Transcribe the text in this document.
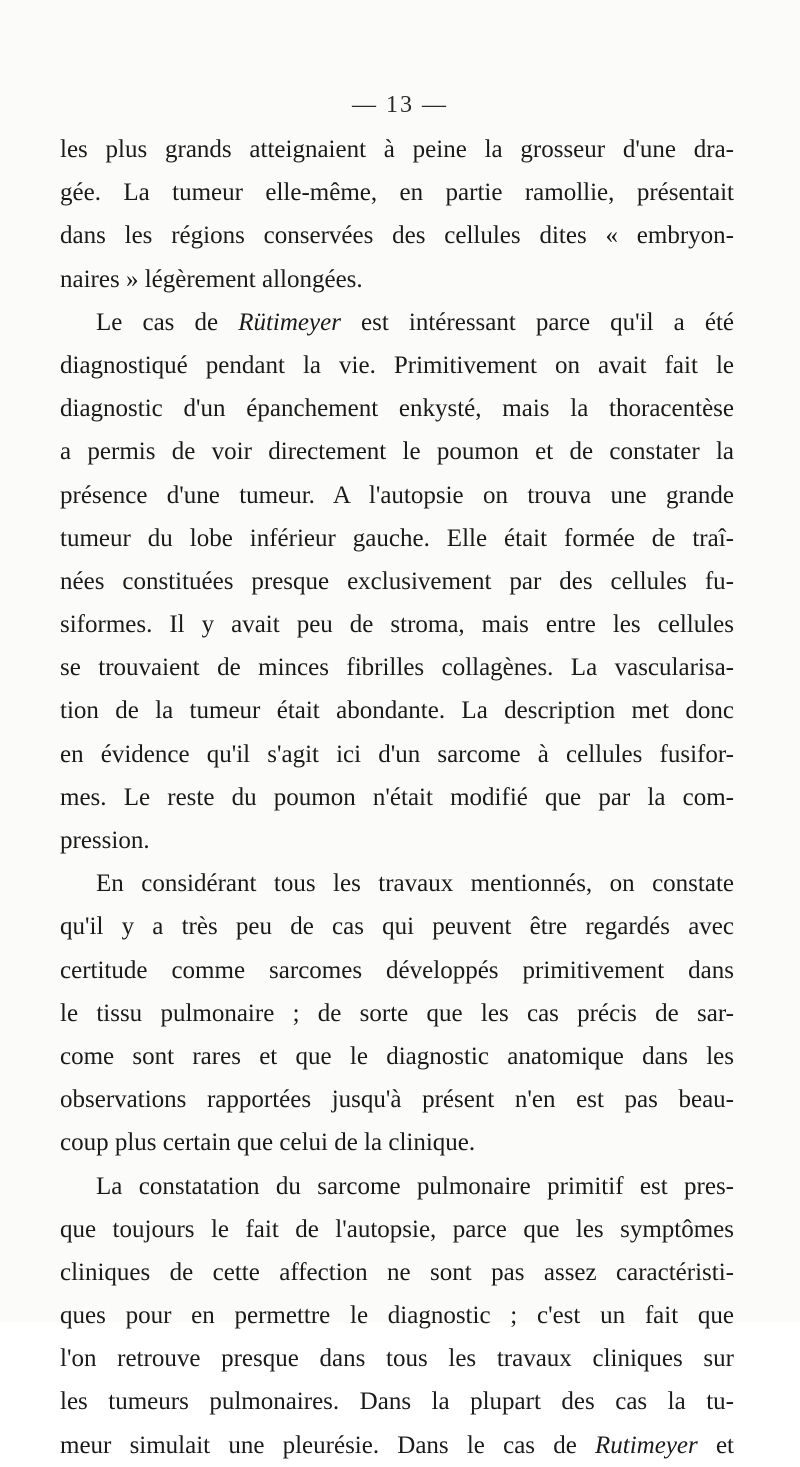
— 13 —
les plus grands atteignaient à peine la grosseur d'une dra-
gée. La tumeur elle-même, en partie ramollie, présentait
dans les régions conservées des cellules dites « embryon-
naires » légèrement allongées.
Le cas de Rütimeyer est intéressant parce qu'il a été
diagnostiqué pendant la vie. Primitivement on avait fait le
diagnostic d'un épanchement enkysté, mais la thoracentèse
a permis de voir directement le poumon et de constater la
présence d'une tumeur. A l'autopsie on trouva une grande
tumeur du lobe inférieur gauche. Elle était formée de traî-
nées constituées presque exclusivement par des cellules fu-
siformes. Il y avait peu de stroma, mais entre les cellules
se trouvaient de minces fibrilles collagènes. La vascularisa-
tion de la tumeur était abondante. La description met donc
en évidence qu'il s'agit ici d'un sarcome à cellules fusifor-
mes. Le reste du poumon n'était modifié que par la com-
pression.
En considérant tous les travaux mentionnés, on constate
qu'il y a très peu de cas qui peuvent être regardés avec
certitude comme sarcomes développés primitivement dans
le tissu pulmonaire ; de sorte que les cas précis de sar-
come sont rares et que le diagnostic anatomique dans les
observations rapportées jusqu'à présent n'en est pas beau-
coup plus certain que celui de la clinique.
La constatation du sarcome pulmonaire primitif est pres-
que toujours le fait de l'autopsie, parce que les symptômes
cliniques de cette affection ne sont pas assez caractéristi-
ques pour en permettre le diagnostic ; c'est un fait que
l'on retrouve presque dans tous les travaux cliniques sur
les tumeurs pulmonaires. Dans la plupart des cas la tu-
meur simulait une pleurésie. Dans le cas de Rutimeyer et
